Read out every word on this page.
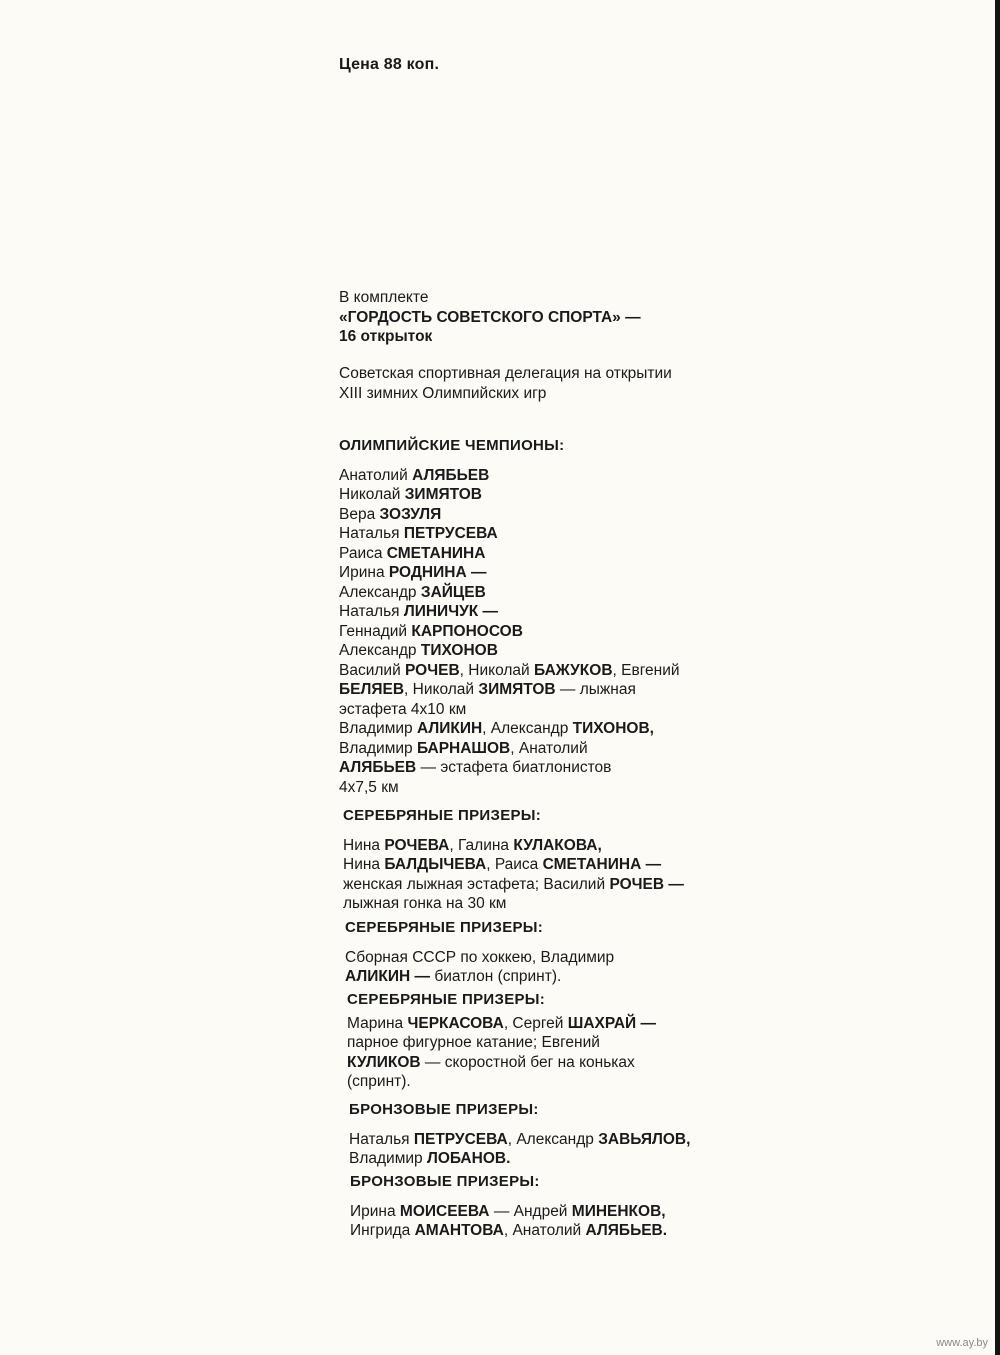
Цена 88 коп.
В комплекте
«ГОРДОСТЬ СОВЕТСКОГО СПОРТА» —
16 открыток
Советская спортивная делегация на открытии
XIII зимних Олимпийских игр
ОЛИМПИЙСКИЕ ЧЕМПИОНЫ:
Анатолий АЛЯБЬЕВ
Николай ЗИМЯТОВ
Вера ЗОЗУЛЯ
Наталья ПЕТРУСЕВА
Раиса СМЕТАНИНА
Ирина РОДНИНА —
Александр ЗАЙЦЕВ
Наталья ЛИНИЧУК —
Геннадий КАРПОНОСОВ
Александр ТИХОНОВ
Василий РОЧЕВ, Николай БАЖУКОВ, Евгений
БЕЛЯЕВ, Николай ЗИМЯТОВ — лыжная
эстафета 4х10 км
Владимир АЛИКИН, Александр ТИХОНОВ,
Владимир БАРНАШОВ, Анатолий
АЛЯБЬЕВ — эстафета биатлонистов
4х7,5 км
СЕРЕБРЯНЫЕ ПРИЗЕРЫ:
Нина РОЧЕВА, Галина КУЛАКОВА,
Нина БАЛДЫЧЕВА, Раиса СМЕТАНИНА —
женская лыжная эстафета; Василий РОЧЕВ —
лыжная гонка на 30 км
СЕРЕБРЯНЫЕ ПРИЗЕРЫ:
Сборная СССР по хоккею, Владимир
АЛИКИН — биатлон (спринт).
СЕРЕБРЯНЫЕ ПРИЗЕРЫ:
Марина ЧЕРКАСОВА, Сергей ШАХРАЙ —
парное фигурное катание; Евгений
КУЛИКОВ — скоростной бег на коньках
(спринт).
БРОНЗОВЫЕ ПРИЗЕРЫ:
Наталья ПЕТРУСЕВА, Александр ЗАВЬЯЛОВ,
Владимир ЛОБАНОВ.
БРОНЗОВЫЕ ПРИЗЕРЫ:
Ирина МОИСЕЕВА — Андрей МИНЕНКОВ,
Ингрида АМАНТОВА, Анатолий АЛЯБЬЕВ.
www.ay.by
